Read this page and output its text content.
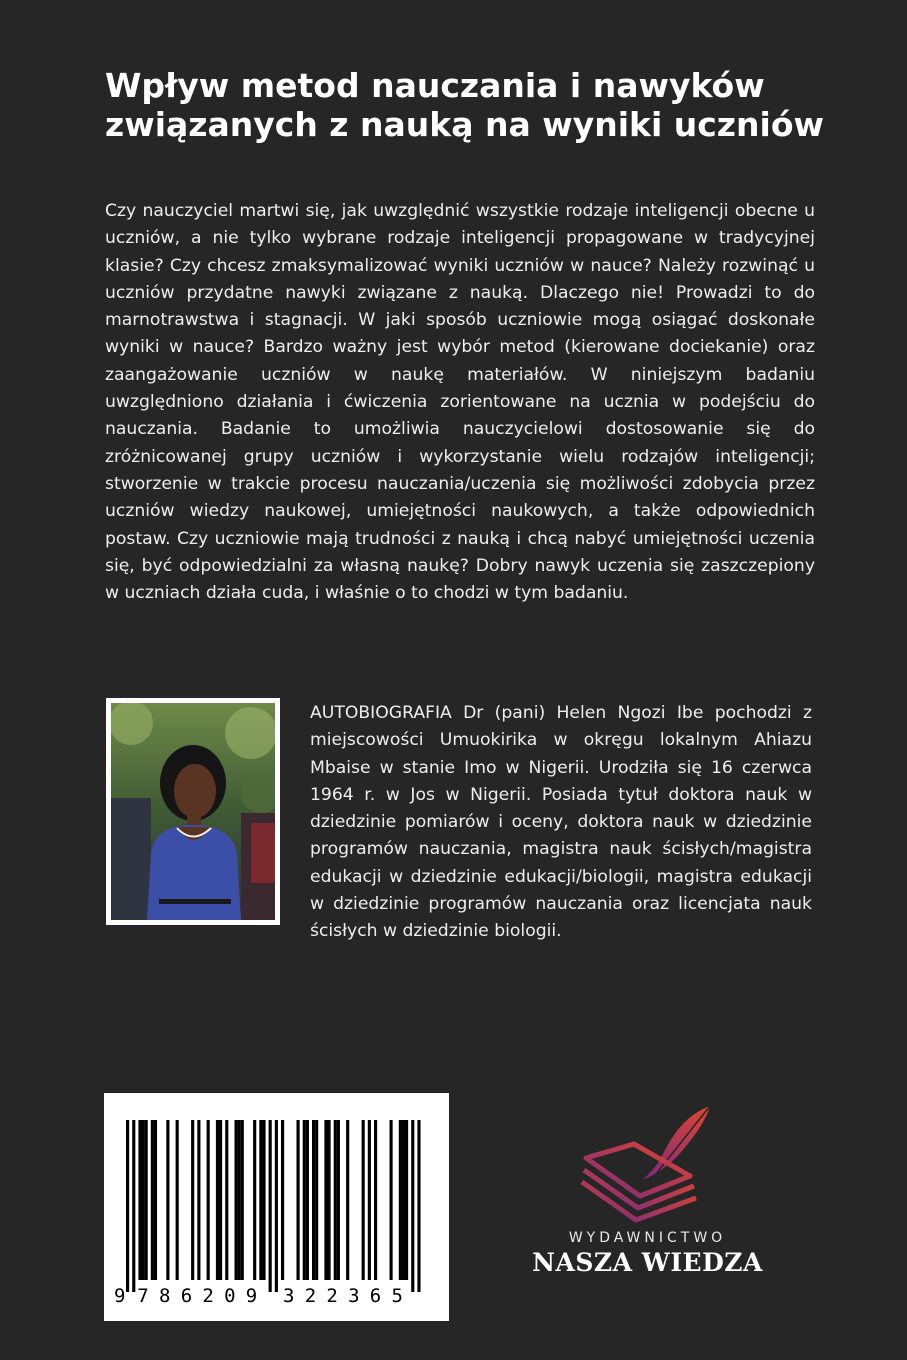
Wpływ metod nauczania i nawyków związanych z nauką na wyniki uczniów

Czy nauczyciel martwi się, jak uwzględnić wszystkie rodzaje inteligencji obecne u uczniów, a nie tylko wybrane rodzaje inteligencji propagowane w tradycyjnej klasie? Czy chcesz zmaksymalizować wyniki uczniów w nauce? Należy rozwinąć u uczniów przydatne nawyki związane z nauką. Dlaczego nie! Prowadzi to do marnotrawstwa i stagnacji. W jaki sposób uczniowie mogą osiągać doskonałe wyniki w nauce? Bardzo ważny jest wybór metod (kierowane dociekanie) oraz zaangażowanie uczniów w naukę materiałów. W niniejszym badaniu uwzględniono działania i ćwiczenia zorientowane na ucznia w podejściu do nauczania. Badanie to umożliwia nauczycielowi dostosowanie się do zróżnicowanej grupy uczniów i wykorzystanie wielu rodzajów inteligencji; stworzenie w trakcie procesu nauczania/uczenia się możliwości zdobycia przez uczniów wiedzy naukowej, umiejętności naukowych, a także odpowiednich postaw. Czy uczniowie mają trudności z nauką i chcą nabyć umiejętności uczenia się, być odpowiedzialni za własną naukę? Dobry nawyk uczenia się zaszczepiony w uczniach działa cuda, i właśnie o to chodzi w tym badaniu.

AUTOBIOGRAFIA Dr (pani) Helen Ngozi Ibe pochodzi z miejscowości Umuokirika w okręgu lokalnym Ahiazu Mbaise w stanie Imo w Nigerii. Urodziła się 16 czerwca 1964 r. w Jos w Nigerii. Posiada tytuł doktora nauk w dziedzinie pomiarów i oceny, doktora nauk w dziedzinie programów nauczania, magistra nauk ścisłych/magistra edukacji w dziedzinie edukacji/biologii, magistra edukacji w dziedzinie programów nauczania oraz licencjata nauk ścisłych w dziedzinie biologii.

9 7 8 6 2 0 9 3 2 2 3 6 5

WYDAWNICTWO

NASZA WIEDZA
